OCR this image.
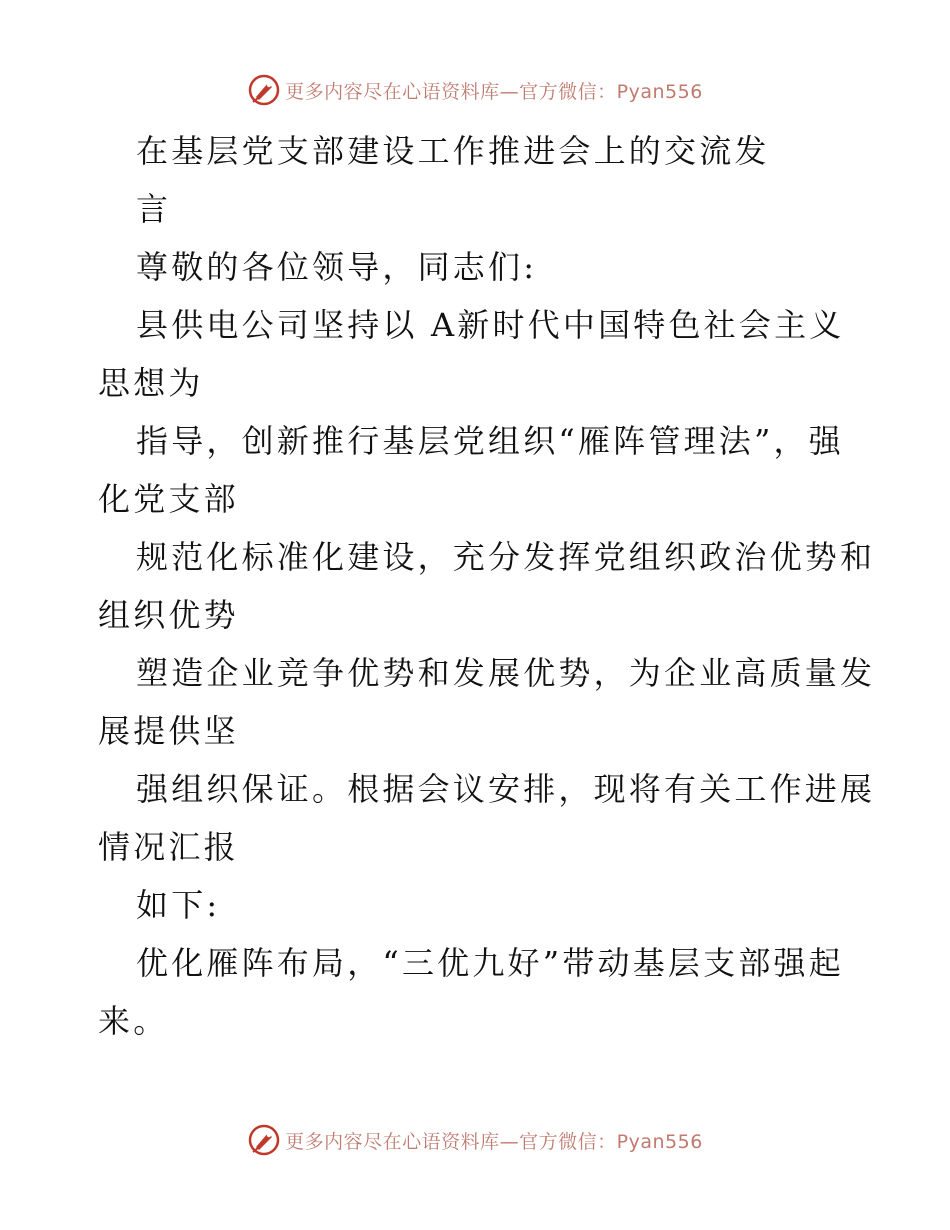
更多内容尽在心语资料库—官方微信：Pyan556
在基层党支部建设工作推进会上的交流发
言
尊敬的各位领导，同志们:
县供电公司坚持以 A新时代中国特色社会主义
思想为
指导，创新推行基层党组织“雁阵管理法”，强
化党支部
规范化标准化建设，充分发挥党组织政治优势和
组织优势
塑造企业竞争优势和发展优势，为企业高质量发
展提供坚
强组织保证。根据会议安排，现将有关工作进展
情况汇报
如下:
优化雁阵布局，“三优九好”带动基层支部强起
来。
更多内容尽在心语资料库—官方微信：Pyan556
